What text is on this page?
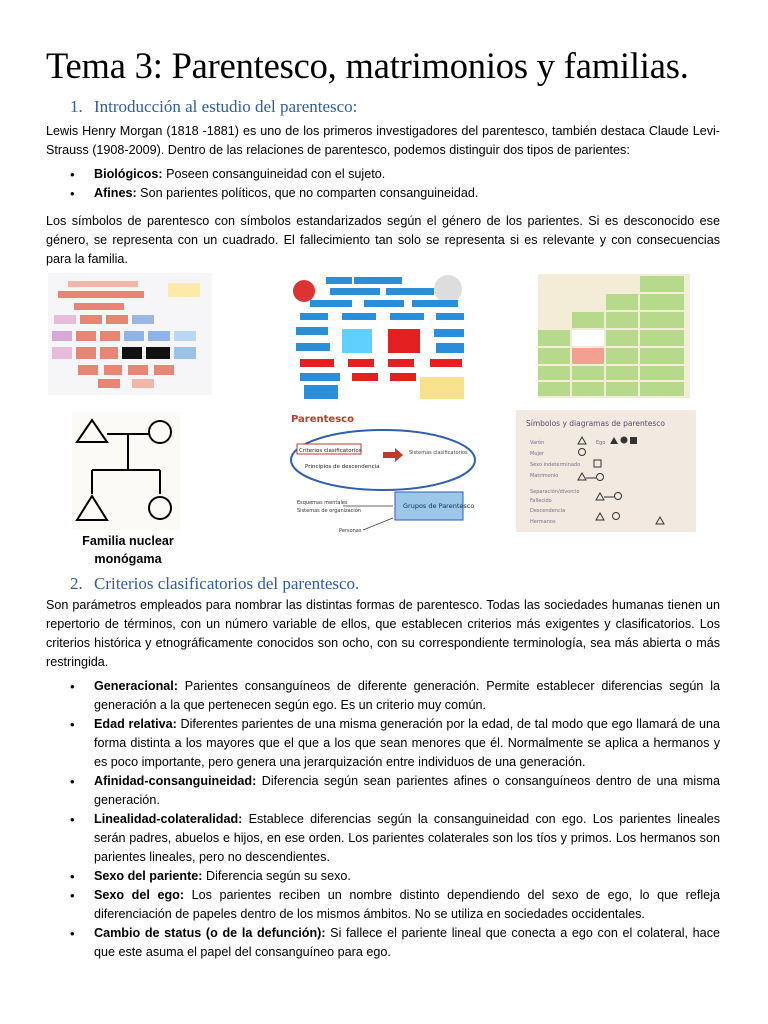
Tema 3: Parentesco, matrimonios y familias.
1. Introducción al estudio del parentesco:

Lewis Henry Morgan (1818 -1881) es uno de los primeros investigadores del parentesco, también destaca Claude Levi-Strauss (1908-2009). Dentro de las relaciones de parentesco, podemos distinguir dos tipos de parientes:

• Biológicos: Poseen consanguineidad con el sujeto.
• Afines: Son parientes políticos, que no comparten consanguineidad.

Los símbolos de parentesco con símbolos estandarizados según el género de los parientes. Si es desconocido ese género, se representa con un cuadrado. El fallecimiento tan solo se representa si es relevante y con consecuencias para la familia.

Familia nuclear monógama
Parentesco
Criterios clasificatorios
Principios de descendencia
Sistemas clasificatorios
Grupos de Parentesco
Esquemas mentales
Sistemas de organización
Personas
Símbolos y diagramas de parentesco
Varón
Mujer
Sexo indeterminado
Matrimonio
Separación/divorcio
Fallecido
Descendencia
Hermanos
Ego
2. Criterios clasificatorios del parentesco.

Son parámetros empleados para nombrar las distintas formas de parentesco. Todas las sociedades humanas tienen un repertorio de términos, con un número variable de ellos, que establecen criterios más exigentes y clasificatorios. Los criterios histórica y etnográficamente conocidos son ocho, con su correspondiente terminología, sea más abierta o más restringida.

• Generacional: Parientes consanguíneos de diferente generación. Permite establecer diferencias según la generación a la que pertenecen según ego. Es un criterio muy común.
• Edad relativa: Diferentes parientes de una misma generación por la edad, de tal modo que ego llamará de una forma distinta a los mayores que el que a los que sean menores que él. Normalmente se aplica a hermanos y es poco importante, pero genera una jerarquización entre individuos de una generación.
• Afinidad-consanguineidad: Diferencia según sean parientes afines o consanguíneos dentro de una misma generación.
• Linealidad-colateralidad: Establece diferencias según la consanguineidad con ego. Los parientes lineales serán padres, abuelos e hijos, en ese orden. Los parientes colaterales son los tíos y primos. Los hermanos son parientes lineales, pero no descendientes.
• Sexo del pariente: Diferencia según su sexo.
• Sexo del ego: Los parientes reciben un nombre distinto dependiendo del sexo de ego, lo que refleja diferenciación de papeles dentro de los mismos ámbitos. No se utiliza en sociedades occidentales.
• Cambio de status (o de la defunción): Si fallece el pariente lineal que conecta a ego con el colateral, hace que este asuma el papel del consanguíneo para ego.
